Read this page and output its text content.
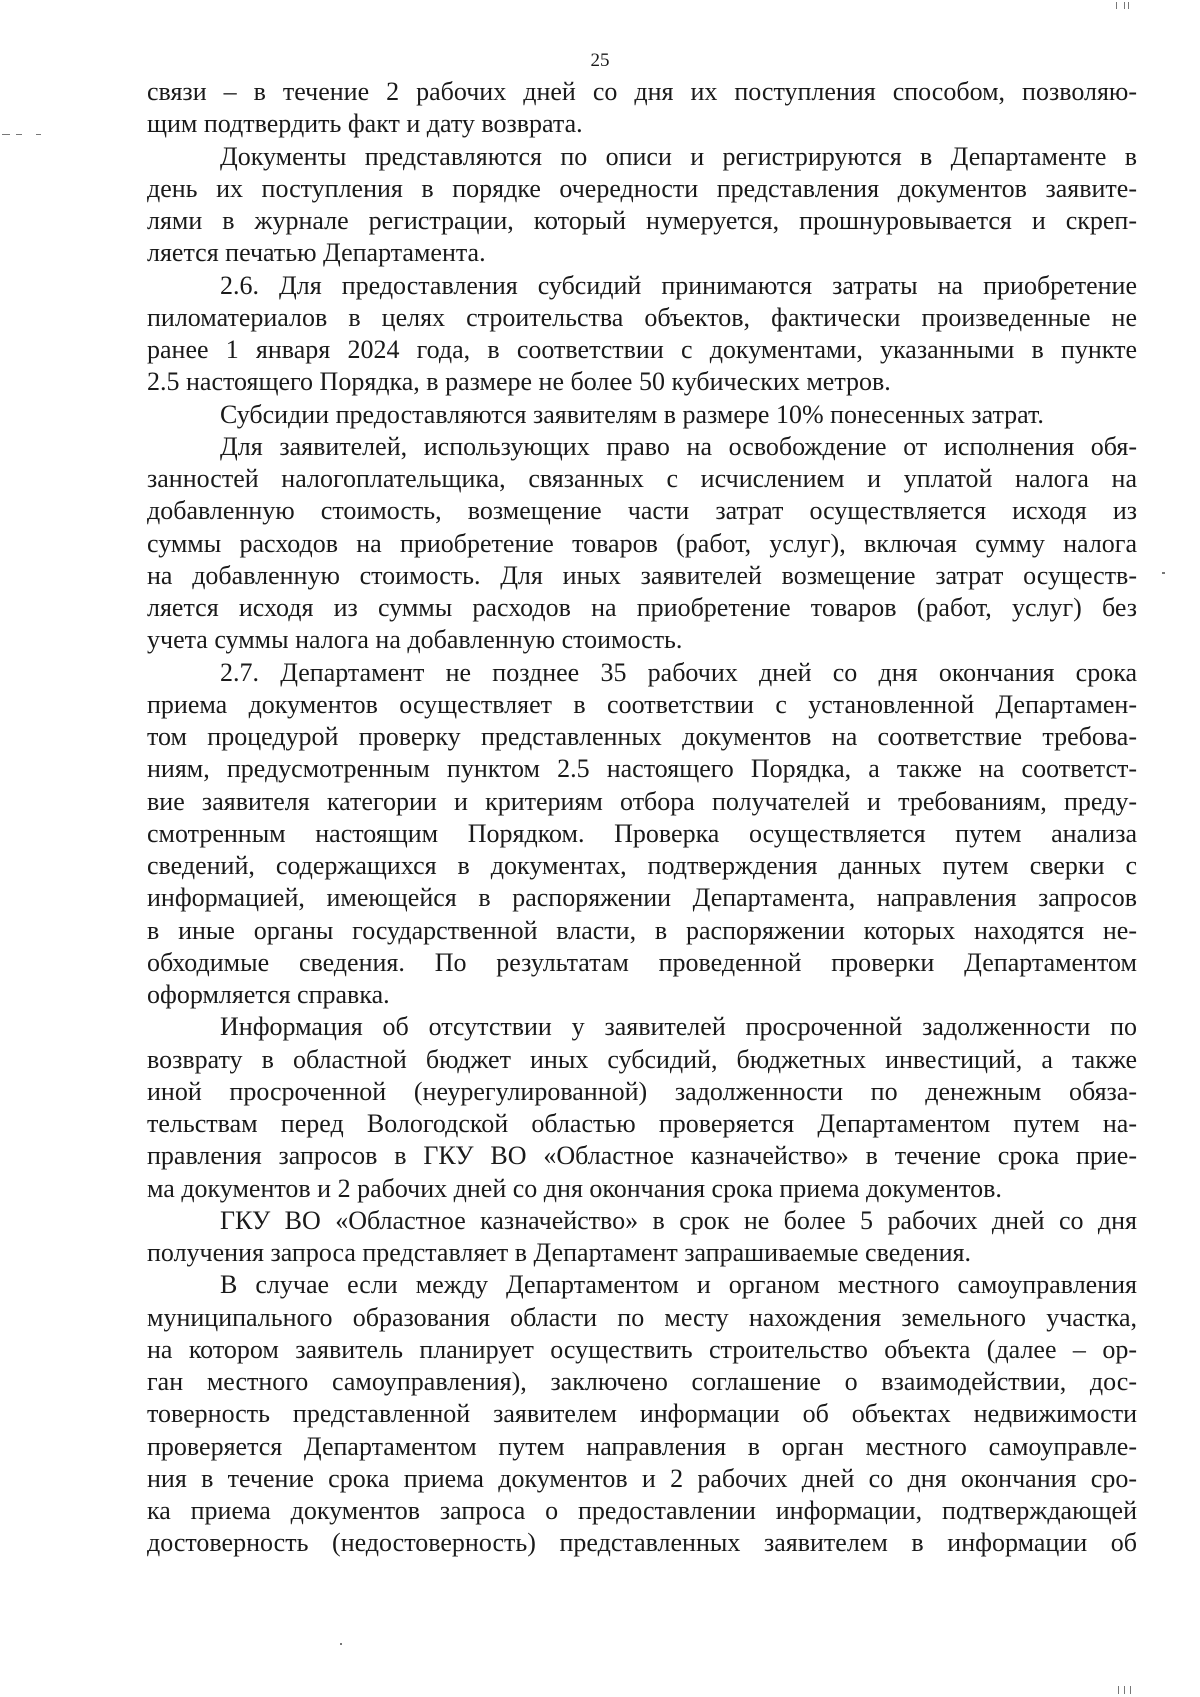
25
связи – в течение 2 рабочих дней со дня их поступления способом, позволяю-
щим подтвердить факт и дату возврата.
Документы представляются по описи и регистрируются в Департаменте в
день их поступления в порядке очередности представления документов заявите-
лями в журнале регистрации, который нумеруется, прошнуровывается и скреп-
ляется печатью Департамента.
2.6. Для предоставления субсидий принимаются затраты на приобретение
пиломатериалов в целях строительства объектов, фактически произведенные не
ранее 1 января 2024 года, в соответствии с документами, указанными в пункте
2.5 настоящего Порядка, в размере не более 50 кубических метров.
Субсидии предоставляются заявителям в размере 10% понесенных затрат.
Для заявителей, использующих право на освобождение от исполнения обя-
занностей налогоплательщика, связанных с исчислением и уплатой налога на
добавленную стоимость, возмещение части затрат осуществляется исходя из
суммы расходов на приобретение товаров (работ, услуг), включая сумму налога
на добавленную стоимость. Для иных заявителей возмещение затрат осуществ-
ляется исходя из суммы расходов на приобретение товаров (работ, услуг) без
учета суммы налога на добавленную стоимость.
2.7. Департамент не позднее 35 рабочих дней со дня окончания срока
приема документов осуществляет в соответствии с установленной Департамен-
том процедурой проверку представленных документов на соответствие требова-
ниям, предусмотренным пунктом 2.5 настоящего Порядка, а также на соответст-
вие заявителя категории и критериям отбора получателей и требованиям, преду-
смотренным настоящим Порядком. Проверка осуществляется путем анализа
сведений, содержащихся в документах, подтверждения данных путем сверки с
информацией, имеющейся в распоряжении Департамента, направления запросов
в иные органы государственной власти, в распоряжении которых находятся не-
обходимые сведения. По результатам проведенной проверки Департаментом
оформляется справка.
Информация об отсутствии у заявителей просроченной задолженности по
возврату в областной бюджет иных субсидий, бюджетных инвестиций, а также
иной просроченной (неурегулированной) задолженности по денежным обяза-
тельствам перед Вологодской областью проверяется Департаментом путем на-
правления запросов в ГКУ ВО «Областное казначейство» в течение срока прие-
ма документов и 2 рабочих дней со дня окончания срока приема документов.
ГКУ ВО «Областное казначейство» в срок не более 5 рабочих дней со дня
получения запроса представляет в Департамент запрашиваемые сведения.
В случае если между Департаментом и органом местного самоуправления
муниципального образования области по месту нахождения земельного участка,
на котором заявитель планирует осуществить строительство объекта (далее – ор-
ган местного самоуправления), заключено соглашение о взаимодействии, дос-
товерность представленной заявителем информации об объектах недвижимости
проверяется Департаментом путем направления в орган местного самоуправле-
ния в течение срока приема документов и 2 рабочих дней со дня окончания сро-
ка приема документов запроса о предоставлении информации, подтверждающей
достоверность (недостоверность) представленных заявителем в информации об
